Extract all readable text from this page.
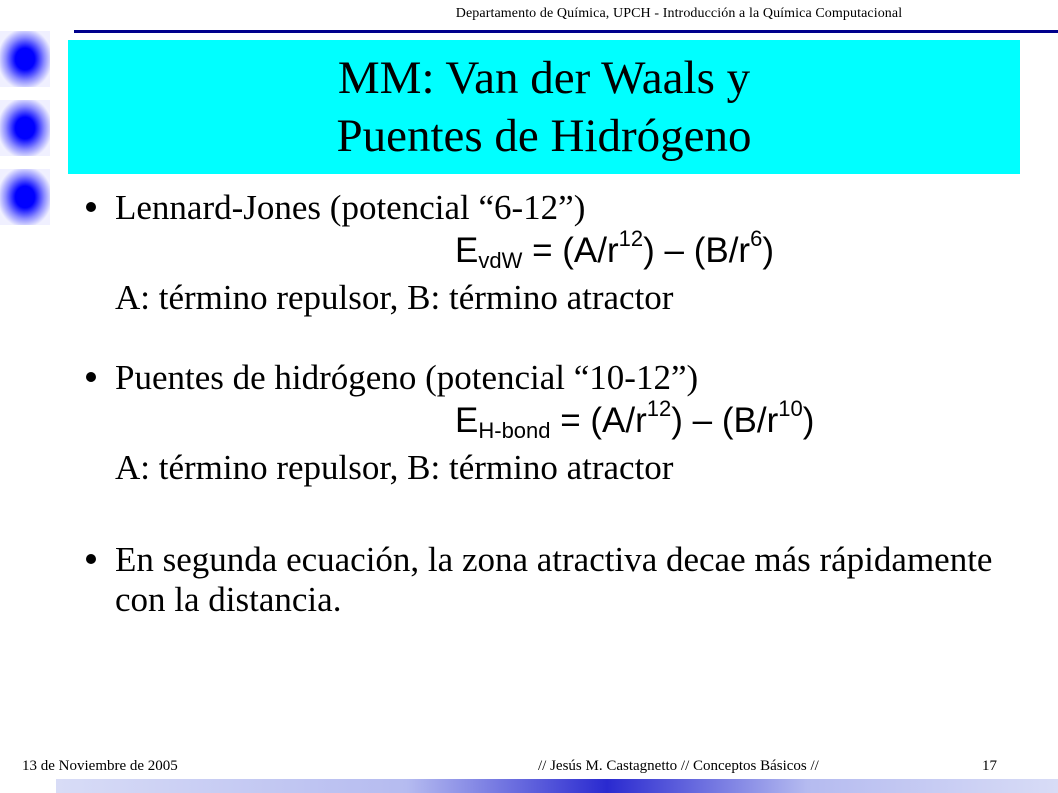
Departamento de Química, UPCH - Introducción a la Química Computacional
MM: Van der Waals y
Puentes de Hidrógeno
Lennard-Jones (potencial “6-12”)
$E_{vdW} = (A/r^{12}) - (B/r^6)$
A: término repulsor, B: término atractor
Puentes de hidrógeno (potencial “10-12”)
$E_{H-bond} = (A/r^{12}) - (B/r^{10})$
A: término repulsor, B: término atractor
En segunda ecuación, la zona atractiva decae más rápidamente con la distancia.
13 de Noviembre de 2005	// Jesús M. Castagnetto // Conceptos Básicos //	17
